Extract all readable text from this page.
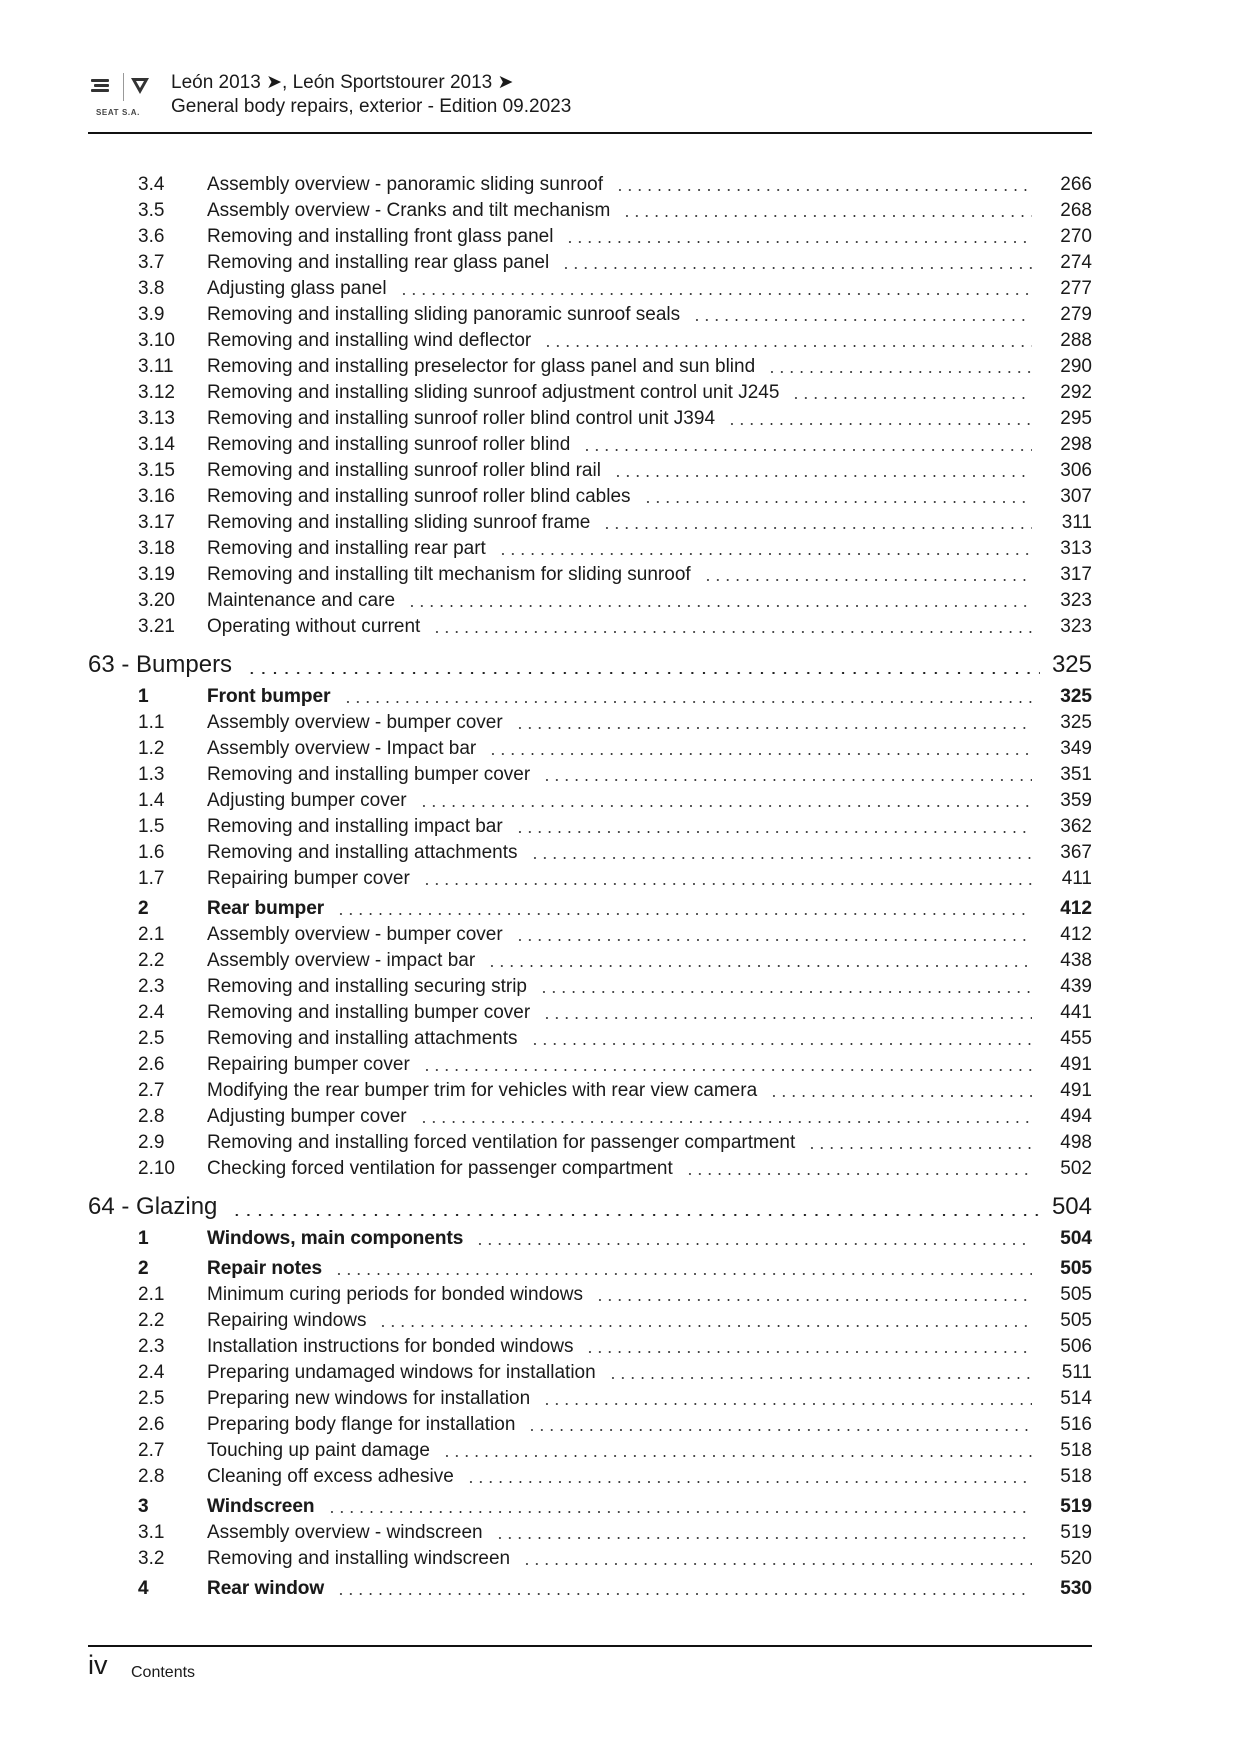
SEAT S.A.
León 2013 ➤, León Sportstourer 2013 ➤
General body repairs, exterior - Edition 09.2023
3.4	Assembly overview - panoramic sliding sunroof	266
3.5	Assembly overview - Cranks and tilt mechanism	268
3.6	Removing and installing front glass panel	270
3.7	Removing and installing rear glass panel	274
3.8	Adjusting glass panel	277
3.9	Removing and installing sliding panoramic sunroof seals	279
3.10	Removing and installing wind deflector	288
3.11	Removing and installing preselector for glass panel and sun blind	290
3.12	Removing and installing sliding sunroof adjustment control unit J245	292
3.13	Removing and installing sunroof roller blind control unit J394	295
3.14	Removing and installing sunroof roller blind	298
3.15	Removing and installing sunroof roller blind rail	306
3.16	Removing and installing sunroof roller blind cables	307
3.17	Removing and installing sliding sunroof frame	311
3.18	Removing and installing rear part	313
3.19	Removing and installing tilt mechanism for sliding sunroof	317
3.20	Maintenance and care	323
3.21	Operating without current	323
63 - Bumpers	325
1	Front bumper	325
1.1	Assembly overview - bumper cover	325
1.2	Assembly overview - Impact bar	349
1.3	Removing and installing bumper cover	351
1.4	Adjusting bumper cover	359
1.5	Removing and installing impact bar	362
1.6	Removing and installing attachments	367
1.7	Repairing bumper cover	411
2	Rear bumper	412
2.1	Assembly overview - bumper cover	412
2.2	Assembly overview - impact bar	438
2.3	Removing and installing securing strip	439
2.4	Removing and installing bumper cover	441
2.5	Removing and installing attachments	455
2.6	Repairing bumper cover	491
2.7	Modifying the rear bumper trim for vehicles with rear view camera	491
2.8	Adjusting bumper cover	494
2.9	Removing and installing forced ventilation for passenger compartment	498
2.10	Checking forced ventilation for passenger compartment	502
64 - Glazing	504
1	Windows, main components	504
2	Repair notes	505
2.1	Minimum curing periods for bonded windows	505
2.2	Repairing windows	505
2.3	Installation instructions for bonded windows	506
2.4	Preparing undamaged windows for installation	511
2.5	Preparing new windows for installation	514
2.6	Preparing body flange for installation	516
2.7	Touching up paint damage	518
2.8	Cleaning off excess adhesive	518
3	Windscreen	519
3.1	Assembly overview - windscreen	519
3.2	Removing and installing windscreen	520
4	Rear window	530
iv Contents
